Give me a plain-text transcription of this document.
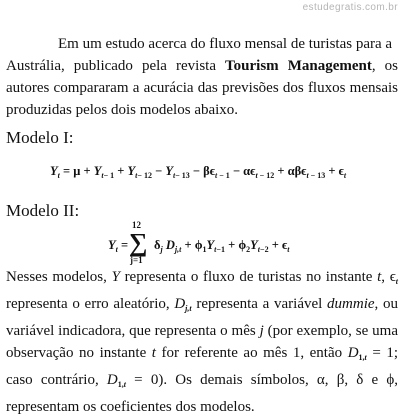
estudegratis.com.br
Em um estudo acerca do fluxo mensal de turistas para a
Austrália, publicado pela revista Tourism Management, os
autores compararam a acurácia das previsões dos fluxos mensais
produzidas pelos dois modelos abaixo.
Modelo I:
$Y_t = \mu + Y_{t- 1} + Y_{t- 12} - Y_{t- 13} - \beta\epsilon_{t - 1} - \alpha\epsilon_{t - 12} + \alpha\beta\epsilon_{t - 13} + \epsilon_t$
Modelo II:
$Y_t$ =
12
∑
j=1
$\delta_j$ $D_{j,t} + \phi_1Y_{t-1} + \phi_2Y_{t-2} + \epsilon_t$
Nesses modelos, Y representa o fluxo de turistas no instante t, $\epsilon_t$
representa o erro aleatório, $D_{j,t}$ representa a variável dummie, ou
variável indicadora, que representa o mês j (por exemplo, se uma
observação no instante t for referente ao mês 1, então $D_{1,t} = 1$;
caso contrário, $D_{1,t} = 0$). Os demais símbolos, α, β, δ e ϕ,
representam os coeficientes dos modelos.
